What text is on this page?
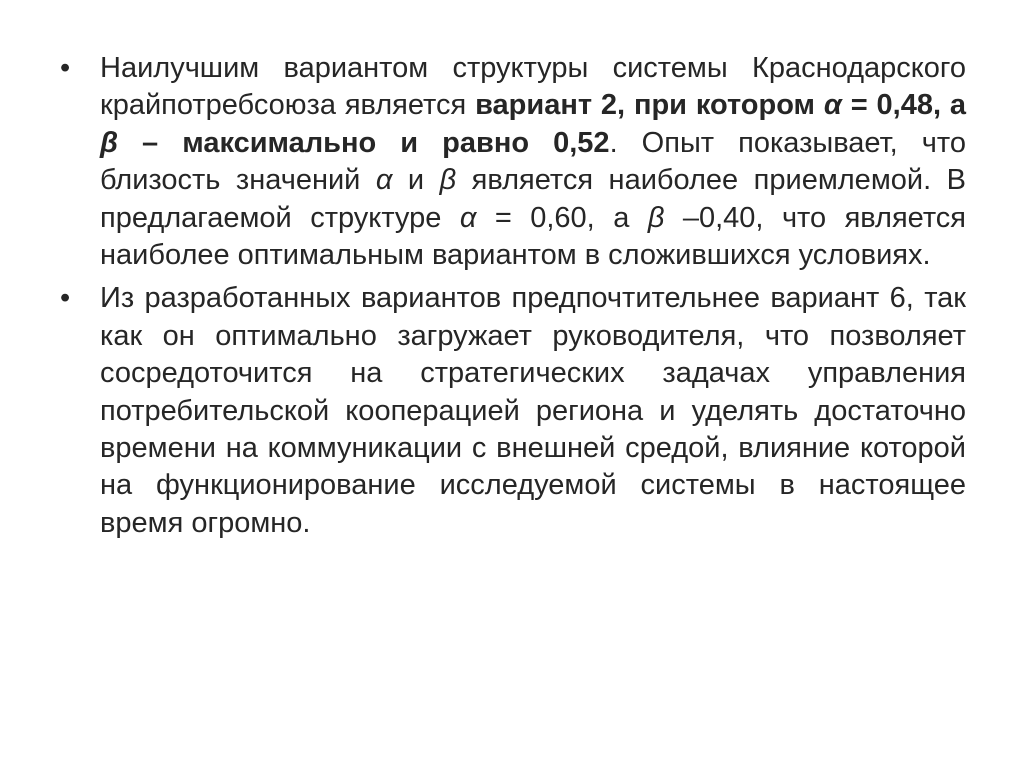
•	Наилучшим вариантом структуры системы Краснодарского крайпотребсоюза является вариант 2, при котором α = 0,48, а β – максимально и равно 0,52. Опыт показывает, что близость значений α и β является наиболее приемлемой. В предлагаемой структуре α = 0,60, а β –0,40, что является наиболее оптимальным вариантом в сложившихся условиях.
•	Из разработанных вариантов предпочтительнее вариант 6, так как он оптимально загружает руководителя, что позволяет сосредоточится на стратегических задачах управления потребительской кооперацией региона и уделять достаточно времени на коммуникации с внешней средой, влияние которой на функционирование исследуемой системы в настоящее время огромно.
